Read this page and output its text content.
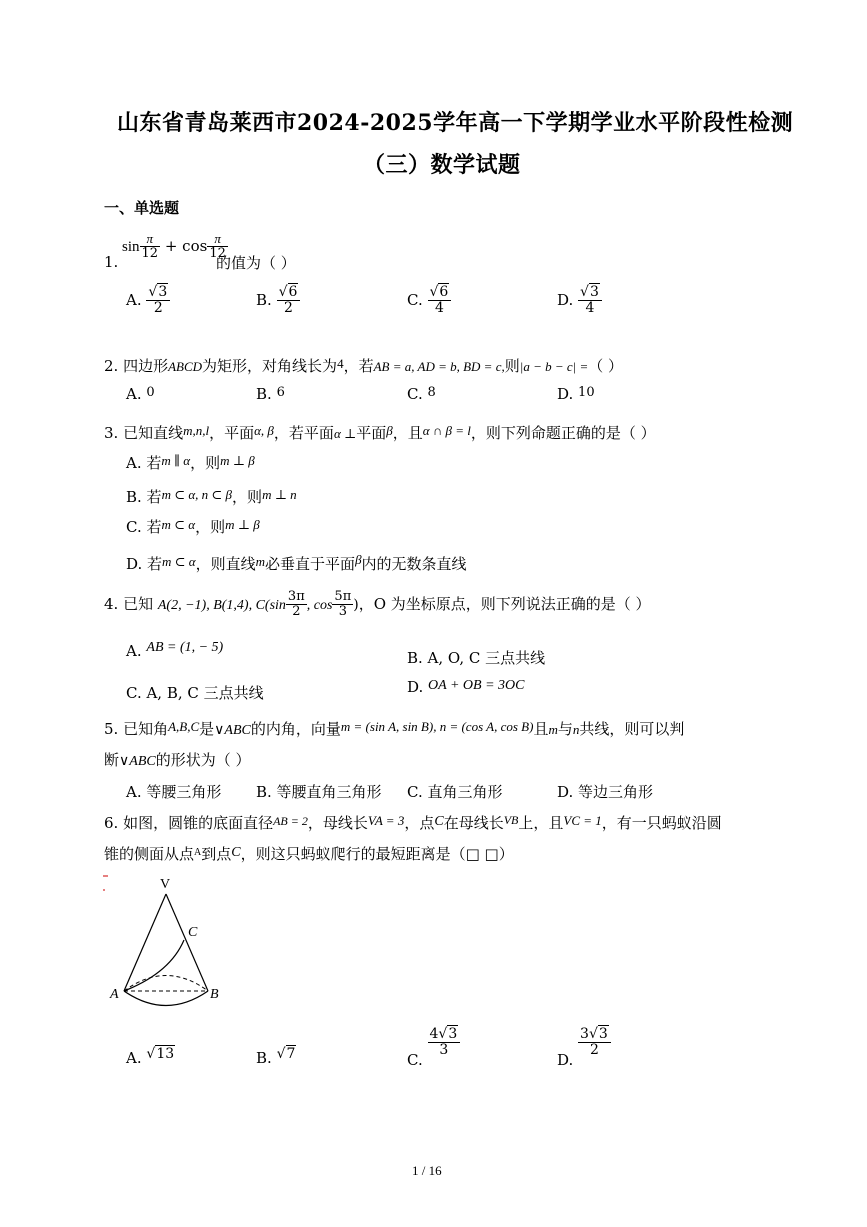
山东省青岛莱西市2024-2025学年高一下学期学业水平阶段性检测
（三）数学试题
一、单选题
$\sin \frac{\pi}{12} + \cos \frac{\pi}{12}$
1.	的值为（ ）
A. $\frac{√3}{2}$	B. $\frac{√6}{2}$	C. $\frac{√6}{4}$	D. $\frac{√3}{4}$
2. 四边形ABCD为矩形，对角线长为4，若AB = a, AD = b, BD = c,则|a − b − c| =（ ）
A. 0	B. 6	C. 8	D. 10
3. 已知直线m,n,l，平面α, β，若平面α ⊥平面β，且α ∩ β = l，则下列命题正确的是（ ）
A. 若m ∥ α，则m ⊥ β
B. 若m ⊂ α, n ⊂ β，则m ⊥ n
C. 若m ⊂ α，则m ⊥ β
D. 若m ⊂ α，则直线m必垂直于平面β内的无数条直线
4. 已知 A(2, −1), B(1,4), $C(\sin \frac{3\pi}{2}$ , $\cos \frac{5\pi}{3}$ )，O 为坐标原点，则下列说法正确的是（ ）
A. AB = (1, − 5)
B. A, O, C 三点共线
C. A, B, C 三点共线	D. OA + OB = 3OC
5. 已知角A,B,C是∨ABC的内角，向量m = (sin A, sin B), n = (cos A, cos B)且m与n共线，则可以判
断∨ABC的形状为（ ）
A. 等腰三角形 B. 等腰直角三角形 C. 直角三角形	D. 等边三角形
6. 如图，圆锥的底面直径$^{AB = 2}$，母线长VA = 3，点C在母线长$^{VB}$上，且VC = 1，有一只蚂蚁沿圆
锥的侧面从点$^A$到点C，则这只蚂蚁爬行的最短距离是（□ □）
V
C
A	B
A. √13	B. √7	C.
$\frac{4√3}{3}$
D.
$\frac{3√3}{2}$
1 / 16
